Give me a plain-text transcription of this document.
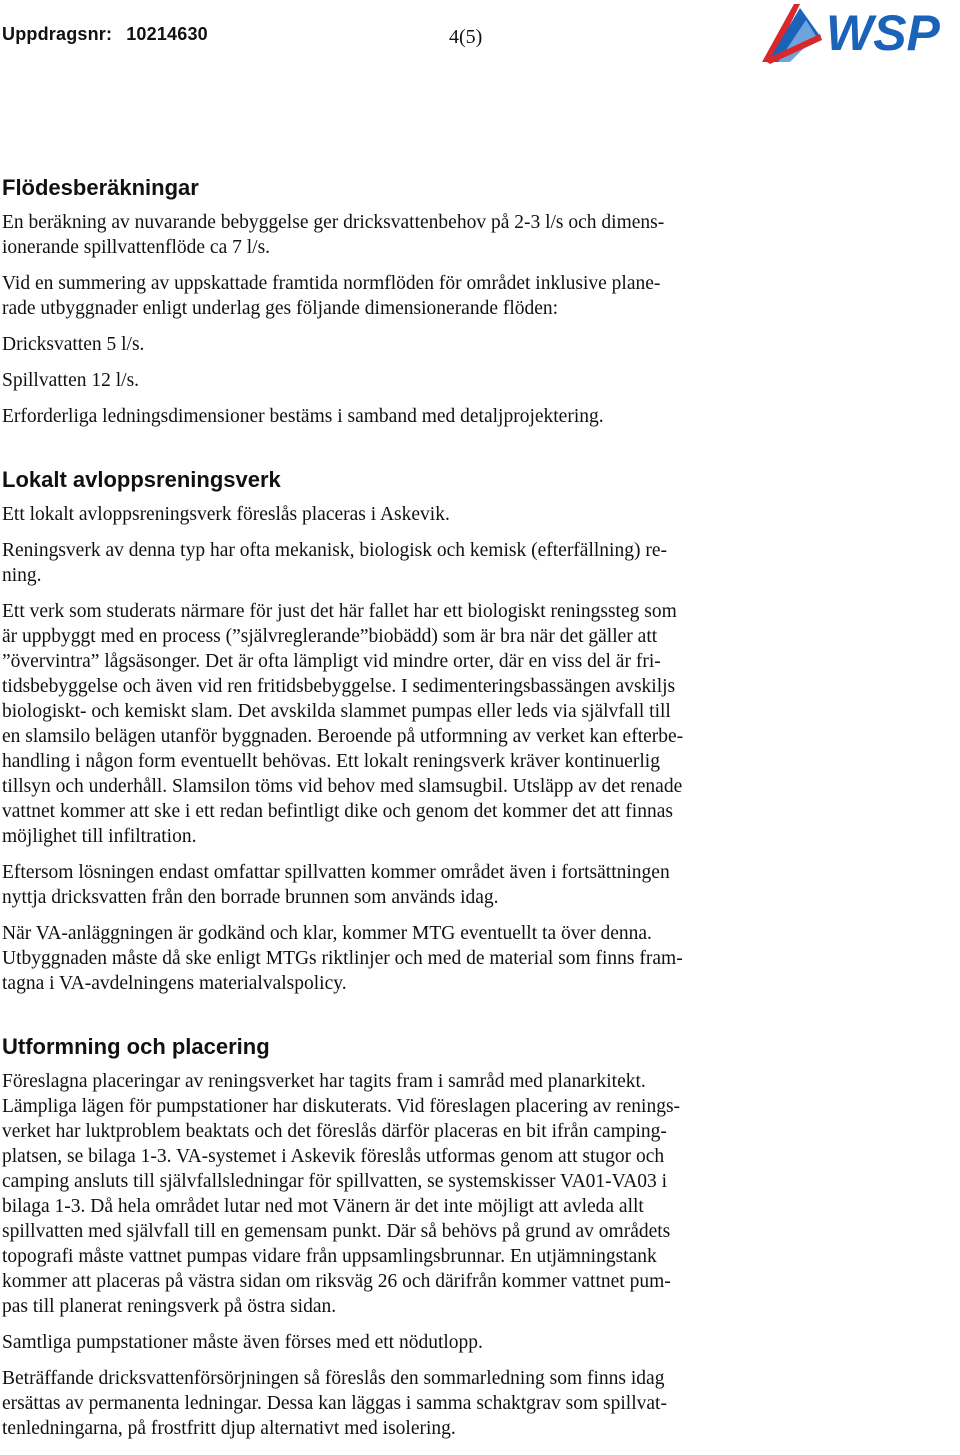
Uppdragsnr: 10214630	4(5)	WSP
Flödesberäkningar

En beräkning av nuvarande bebyggelse ger dricksvattenbehov på 2-3 l/s och dimens-
ionerande spillvattenflöde ca 7 l/s.

Vid en summering av uppskattade framtida normflöden för området inklusive plane-
rade utbyggnader enligt underlag ges följande dimensionerande flöden:

Dricksvatten 5 l/s.

Spillvatten 12 l/s.

Erforderliga ledningsdimensioner bestäms i samband med detaljprojektering.

Lokalt avloppsreningsverk

Ett lokalt avloppsreningsverk föreslås placeras i Askevik.

Reningsverk av denna typ har ofta mekanisk, biologisk och kemisk (efterfällning) re-
ning.

Ett verk som studerats närmare för just det här fallet har ett biologiskt reningssteg som
är uppbyggt med en process (”självreglerande”biobädd) som är bra när det gäller att
”övervintra” lågsäsonger. Det är ofta lämpligt vid mindre orter, där en viss del är fri-
tidsbebyggelse och även vid ren fritidsbebyggelse. I sedimenteringsbassängen avskiljs
biologiskt- och kemiskt slam. Det avskilda slammet pumpas eller leds via självfall till
en slamsilo belägen utanför byggnaden. Beroende på utformning av verket kan efterbe-
handling i någon form eventuellt behövas. Ett lokalt reningsverk kräver kontinuerlig
tillsyn och underhåll. Slamsilon töms vid behov med slamsugbil. Utsläpp av det renade
vattnet kommer att ske i ett redan befintligt dike och genom det kommer det att finnas
möjlighet till infiltration.

Eftersom lösningen endast omfattar spillvatten kommer området även i fortsättningen
nyttja dricksvatten från den borrade brunnen som används idag.

När VA-anläggningen är godkänd och klar, kommer MTG eventuellt ta över denna.
Utbyggnaden måste då ske enligt MTGs riktlinjer och med de material som finns fram-
tagna i VA-avdelningens materialvalspolicy.

Utformning och placering

Föreslagna placeringar av reningsverket har tagits fram i samråd med planarkitekt.
Lämpliga lägen för pumpstationer har diskuterats. Vid föreslagen placering av renings-
verket har luktproblem beaktats och det föreslås därför placeras en bit ifrån camping-
platsen, se bilaga 1-3. VA-systemet i Askevik föreslås utformas genom att stugor och
camping ansluts till självfallsledningar för spillvatten, se systemskisser VA01-VA03 i
bilaga 1-3. Då hela området lutar ned mot Vänern är det inte möjligt att avleda allt
spillvatten med självfall till en gemensam punkt. Där så behövs på grund av områdets
topografi måste vattnet pumpas vidare från uppsamlingsbrunnar. En utjämningstank
kommer att placeras på västra sidan om riksväg 26 och därifrån kommer vattnet pum-
pas till planerat reningsverk på östra sidan.

Samtliga pumpstationer måste även förses med ett nödutlopp.

Beträffande dricksvattenförsörjningen så föreslås den sommarledning som finns idag
ersättas av permanenta ledningar. Dessa kan läggas i samma schaktgrav som spillvat-
tenledningarna, på frostfritt djup alternativt med isolering.
